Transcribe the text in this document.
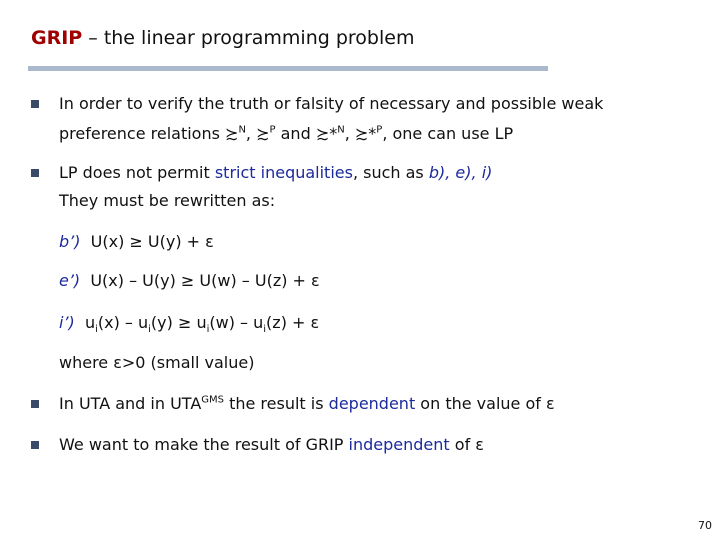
GRIP – the linear programming problem
In order to verify the truth or falsity of necessary and possible weak
preference relations ≿$^N$, ≿$^P$ and ≿*$^N$, ≿*$^P$, one can use LP
LP does not permit strict inequalities, such as b), e), i)
They must be rewritten as:
b’) U(x) ≥ U(y) + ε
e’) U(x) – U(y) ≥ U(w) – U(z) + ε
i’) $u_i(x) - u_i(y) \ge u_i(w) - u_i(z) + \varepsilon$
where ε>0 (small value)
In UTA and in $UTA^{GMS}$ the result is dependent on the value of ε
We want to make the result of GRIP independent of ε
70
